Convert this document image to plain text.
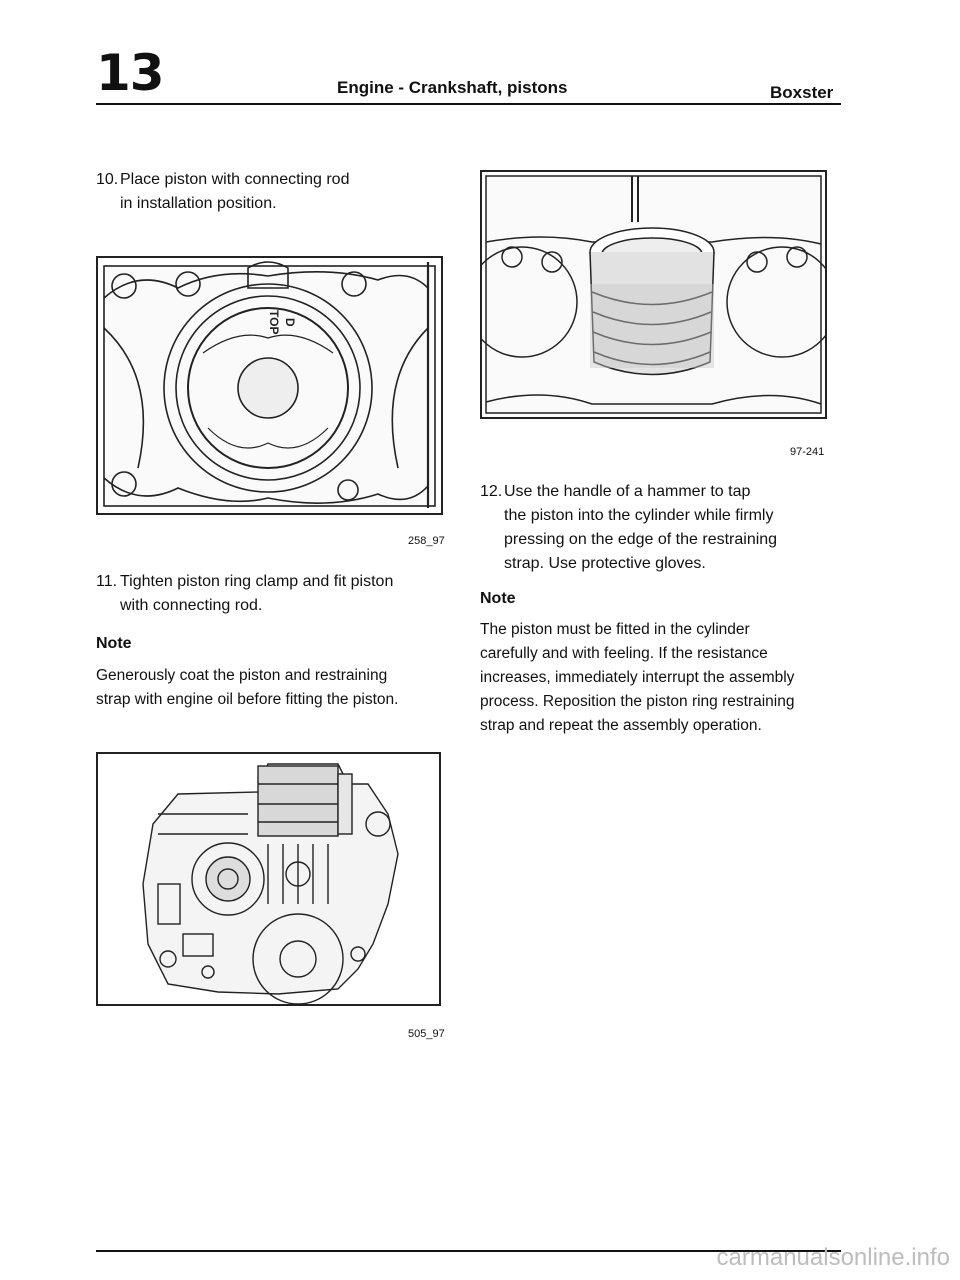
13	Engine - Crankshaft, pistons	Boxster
10. Place piston with connecting rod
in installation position.
D
TOP
258_97
11. Tighten piston ring clamp and fit piston
with connecting rod.
Note
Generously coat the piston and restraining
strap with engine oil before fitting the piston.
505_97
97-241
12. Use the handle of a hammer to tap
the piston into the cylinder while firmly
pressing on the edge of the restraining
strap. Use protective gloves.
Note
The piston must be fitted in the cylinder
carefully and with feeling. If the resistance
increases, immediately interrupt the assembly
process. Reposition the piston ring restraining
strap and repeat the assembly operation.
carmanualsonline.info
